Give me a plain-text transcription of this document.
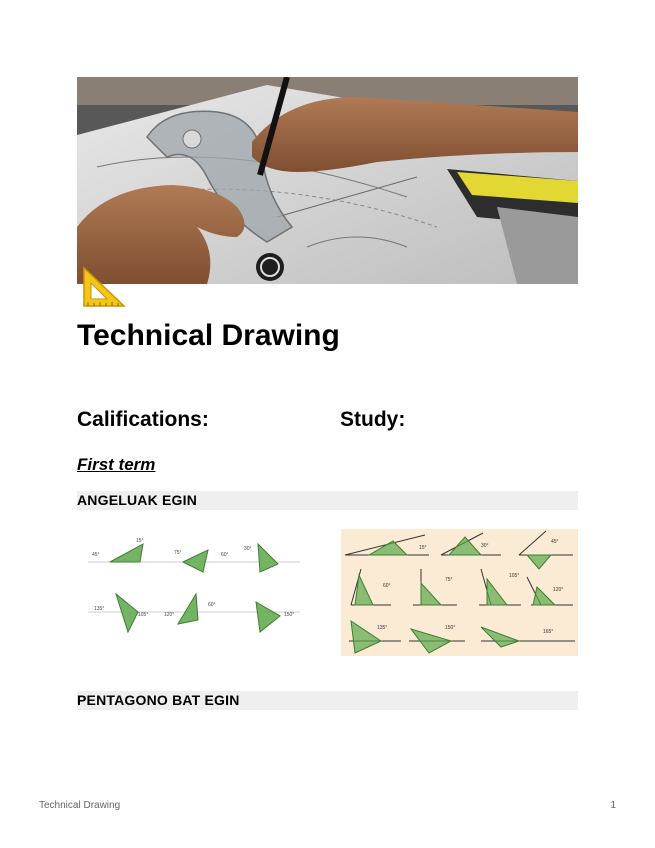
Technical Drawing
Califications:	Study:

First term

ANGELUAK EGIN
15°
45°	75°	60°
30°
135°
105°	120°
60°
150°
15°	30°
45°
60°
75°
105°
120°
135°	150°
165°
PENTAGONO BAT EGIN
Technical Drawing	1
